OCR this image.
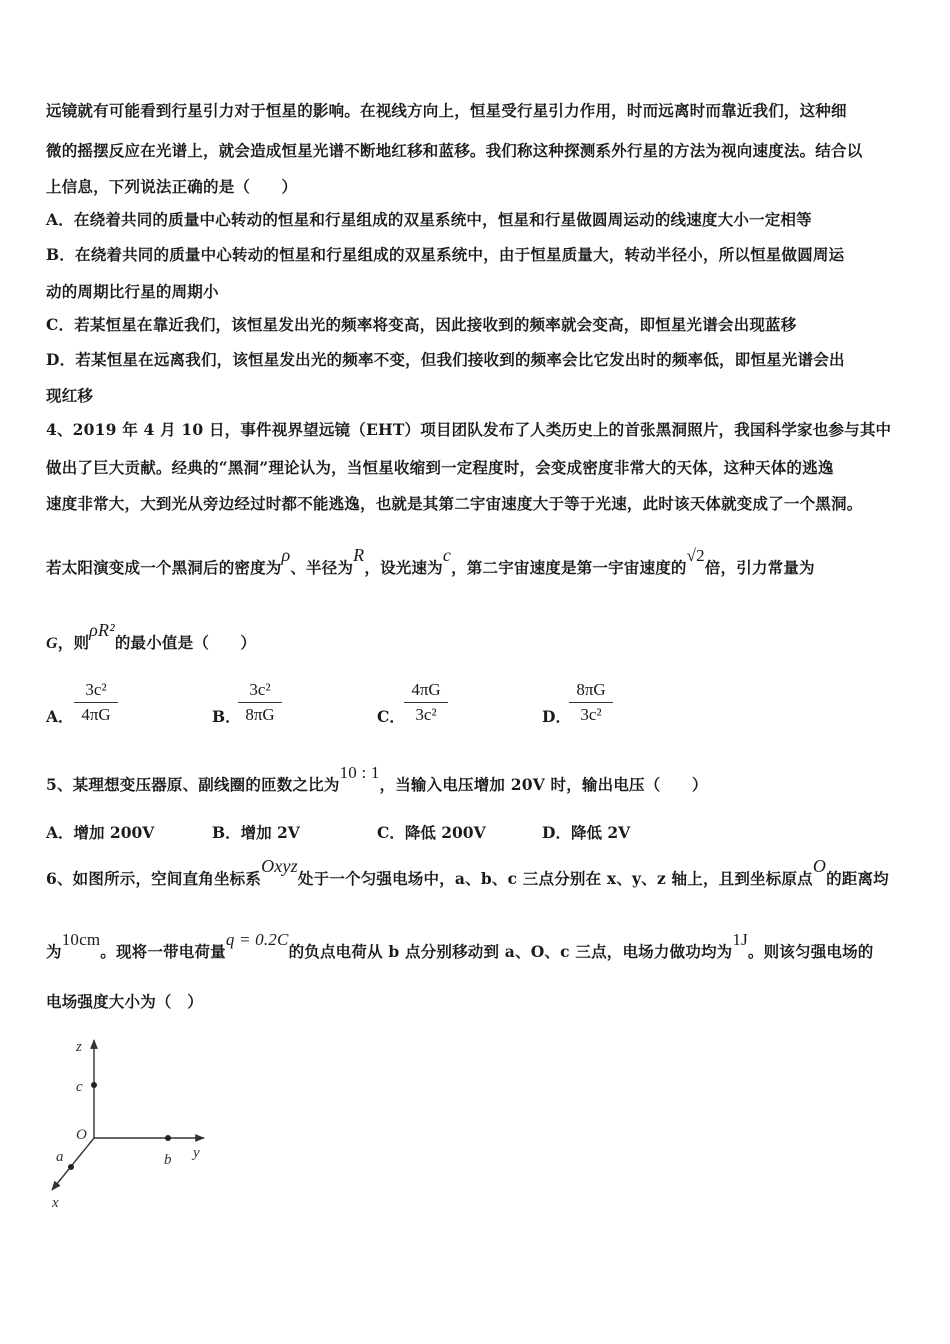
远镜就有可能看到行星引力对于恒星的影响。在视线方向上，恒星受行星引力作用，时而远离时而靠近我们，这种细
微的摇摆反应在光谱上，就会造成恒星光谱不断地红移和蓝移。我们称这种探测系外行星的方法为视向速度法。结合以
上信息，下列说法正确的是（　　）
A．在绕着共同的质量中心转动的恒星和行星组成的双星系统中，恒星和行星做圆周运动的线速度大小一定相等
B．在绕着共同的质量中心转动的恒星和行星组成的双星系统中，由于恒星质量大，转动半径小，所以恒星做圆周运
动的周期比行星的周期小
C．若某恒星在靠近我们，该恒星发出光的频率将变高，因此接收到的频率就会变高，即恒星光谱会出现蓝移
D．若某恒星在远离我们，该恒星发出光的频率不变，但我们接收到的频率会比它发出时的频率低，即恒星光谱会出
现红移
4、2019 年 4 月 10 日，事件视界望远镜（EHT）项目团队发布了人类历史上的首张黑洞照片，我国科学家也参与其中
做出了巨大贡献。经典的“黑洞”理论认为，当恒星收缩到一定程度时，会变成密度非常大的天体，这种天体的逃逸
速度非常大，大到光从旁边经过时都不能逃逸，也就是其第二宇宙速度大于等于光速，此时该天体就变成了一个黑洞。
若太阳演变成一个黑洞后的密度为ρ、半径为R，设光速为c，第二宇宙速度是第一宇宙速度的√2倍，引力常量为
G，则ρR²的最小值是（　　）
A． $\frac{\text{3c²}}{4\pi G}$	B．
$\frac{\text{3c²}}{8\pi G}$	C． $\frac{4\pi G}{\text{3c²}}$	D．
$\frac{8\pi G}{\text{3c²}}$
5、某理想变压器原、副线圈的匝数之比为10 : 1，当输入电压增加 20V 时，输出电压（　　）
A．增加 200V	B．增加 2V	C．降低 200V	D．降低 2V
6、如图所示，空间直角坐标系Oxyz处于一个匀强电场中，a、b、c 三点分别在 x、y、z 轴上，且到坐标原点O的距离均
为10cm。现将一带电荷量q = 0.2C的负点电荷从 b 点分别移动到 a、O、c 三点，电场力做功均为1J。则该匀强电场的
电场强度大小为（　）
z
c
O
b y
a
x
